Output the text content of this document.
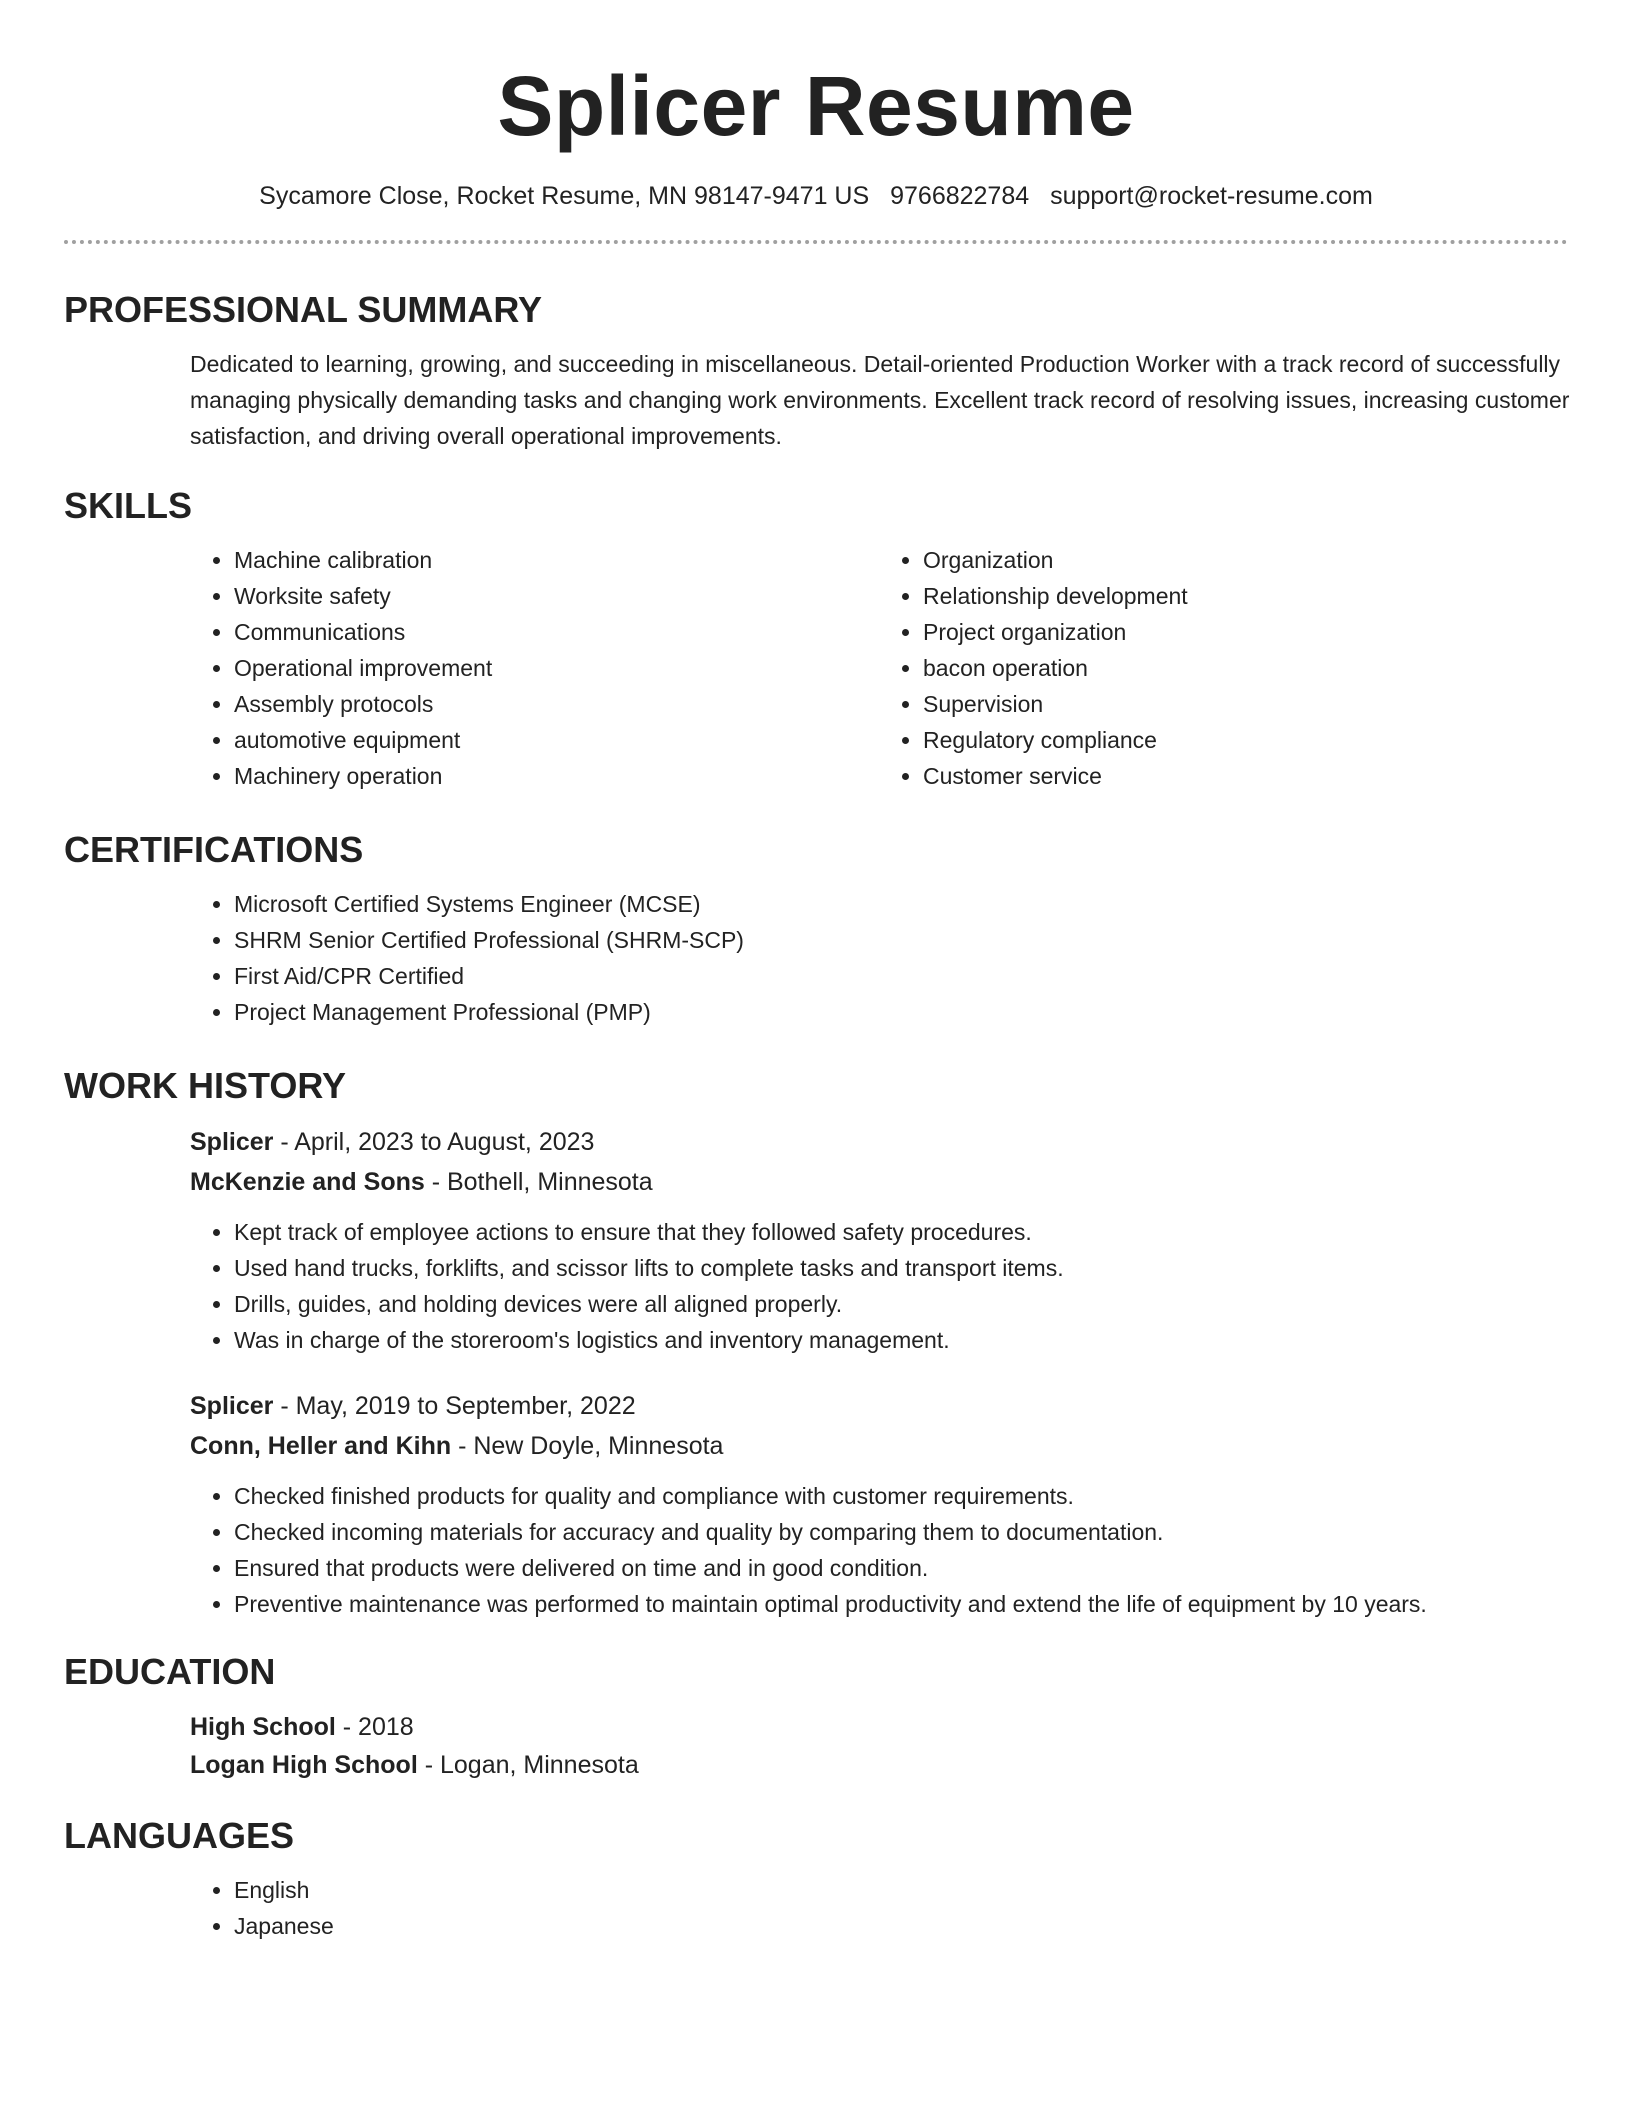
Splicer Resume
Sycamore Close, Rocket Resume, MN 98147-9471 US 9766822784 support@rocket-resume.com
PROFESSIONAL SUMMARY

Dedicated to learning, growing, and succeeding in miscellaneous. Detail-oriented Production Worker with a track record of successfully managing physically demanding tasks and changing work environments. Excellent track record of resolving issues, increasing customer satisfaction, and driving overall operational improvements.

SKILLS
• Machine calibration
• Worksite safety
• Communications
• Operational improvement
• Assembly protocols
• automotive equipment
• Machinery operation
• Organization
• Relationship development
• Project organization
• bacon operation
• Supervision
• Regulatory compliance
• Customer service
CERTIFICATIONS
• Microsoft Certified Systems Engineer (MCSE)
• SHRM Senior Certified Professional (SHRM-SCP)
• First Aid/CPR Certified
• Project Management Professional (PMP)
WORK HISTORY
Splicer - April, 2023 to August, 2023
McKenzie and Sons - Bothell, Minnesota
• Kept track of employee actions to ensure that they followed safety procedures.
• Used hand trucks, forklifts, and scissor lifts to complete tasks and transport items.
• Drills, guides, and holding devices were all aligned properly.
• Was in charge of the storeroom's logistics and inventory management.
Splicer - May, 2019 to September, 2022
Conn, Heller and Kihn - New Doyle, Minnesota
• Checked finished products for quality and compliance with customer requirements.
• Checked incoming materials for accuracy and quality by comparing them to documentation.
• Ensured that products were delivered on time and in good condition.
• Preventive maintenance was performed to maintain optimal productivity and extend the life of equipment by 10 years.
EDUCATION
High School - 2018
Logan High School - Logan, Minnesota
LANGUAGES
• English
• Japanese
